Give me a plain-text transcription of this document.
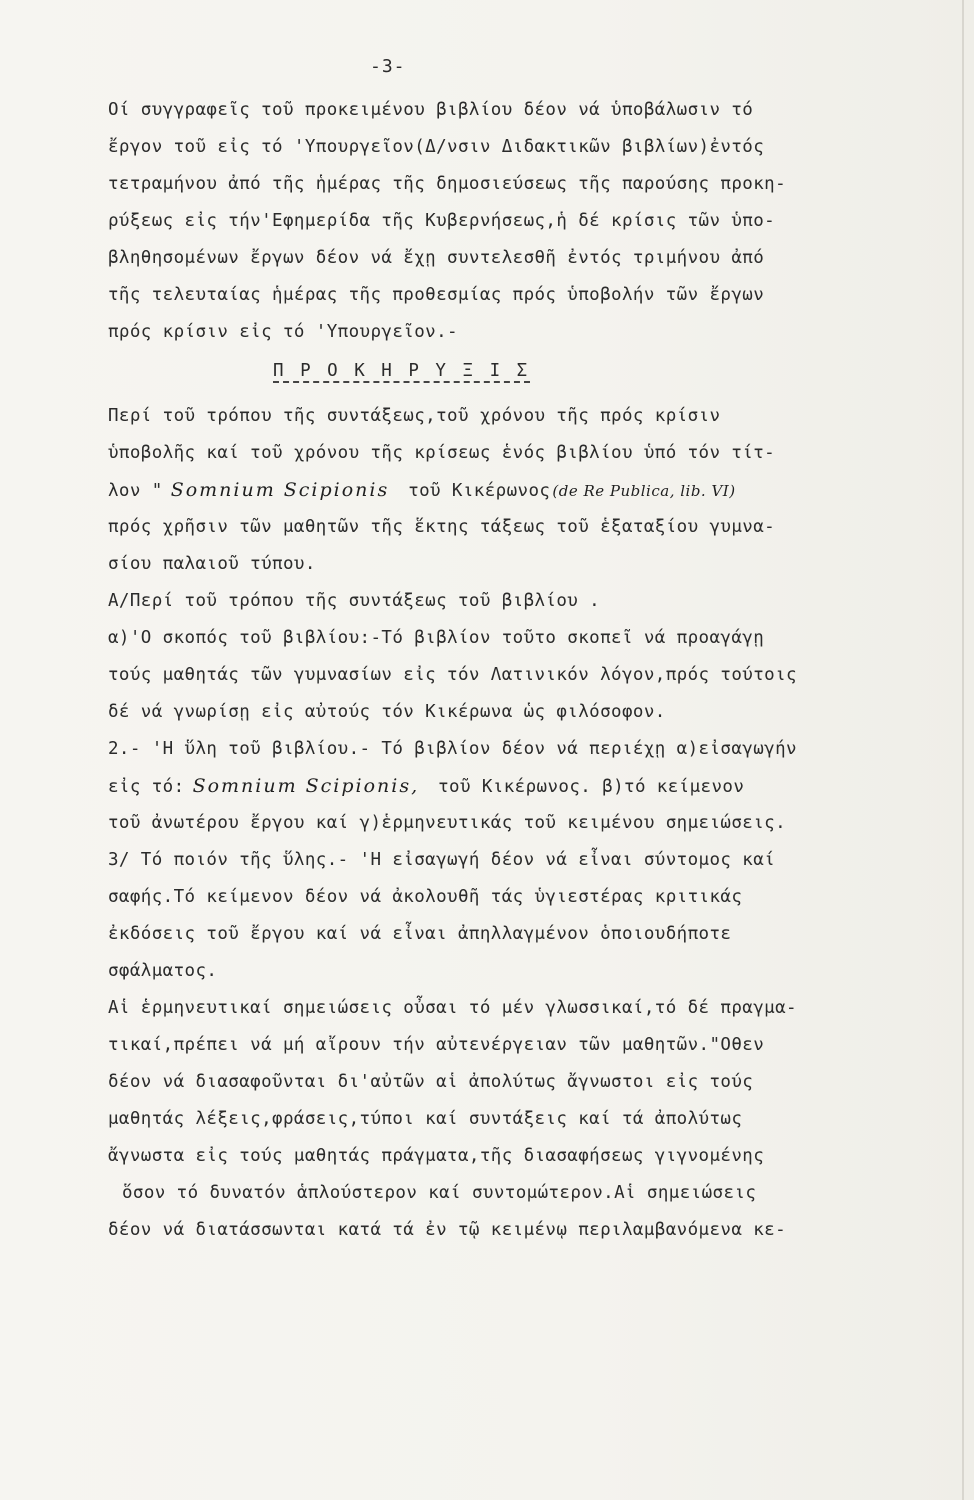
-3-
Οί συγγραφεῖς τοῦ προκειμένου βιβλίου δέον νά ὑποβάλωσιν τό
ἔργον τοῦ εἰς τό 'Υπουργεῖον(Δ/νσιν Διδακτικῶν βιβλίων)ἐντός
τετραμήνου ἀπό τῆς ἡμέρας τῆς δημοσιεύσεως τῆς παρούσης προκη-
ρύξεως εἰς τήν'Εφημερίδα τῆς Κυβερνήσεως,ἡ δέ κρίσις τῶν ὑπο-
βληθησομένων ἔργων δέον νά ἔχῃ συντελεσθῆ ἐντός τριμήνου ἀπό
τῆς τελευταίας ἡμέρας τῆς προθεσμίας πρός ὑποβολήν τῶν ἔργων
πρός κρίσιν εἰς τό 'Υπουργεῖον.-
Π Ρ Ο Κ Η Ρ Υ Ξ Ι Σ
Περί τοῦ τρόπου τῆς συντάξεως,τοῦ χρόνου τῆς πρός κρίσιν
ὑποβολῆς καί τοῦ χρόνου τῆς κρίσεως ἑνός βιβλίου ὑπό τόν τίτ-
λον " Somnium Scipionis τοῦ Κικέρωνος (de Re Publica, lib. VI)
πρός χρῆσιν τῶν μαθητῶν τῆς ἕκτης τάξεως τοῦ ἑξαταξίου γυμνα-
σίου παλαιοῦ τύπου.
Α/Περί τοῦ τρόπου τῆς συντάξεως τοῦ βιβλίου .
α)'Ο σκοπός τοῦ βιβλίου:-Τό βιβλίον τοῦτο σκοπεῖ νά προαγάγῃ
τούς μαθητάς τῶν γυμνασίων εἰς τόν Λατινικόν λόγον,πρός τούτοις
δέ νά γνωρίσῃ εἰς αὐτούς τόν Κικέρωνα ὡς φιλόσοφον.
2.- 'Η ὕλη τοῦ βιβλίου.- Τό βιβλίον δέον νά περιέχῃ α)εἰσαγωγήν
εἰς τό: Somnium Scipionis, τοῦ Κικέρωνος. β)τό κείμενον
τοῦ ἀνωτέρου ἔργου καί γ)ἑρμηνευτικάς τοῦ κειμένου σημειώσεις.
3/ Τό ποιόν τῆς ὕλης.- 'Η εἰσαγωγή δέον νά εἶναι σύντομος καί
σαφής.Τό κείμενον δέον νά ἀκολουθῆ τάς ὑγιεστέρας κριτικάς
ἐκδόσεις τοῦ ἔργου καί νά εἶναι ἀπηλλαγμένον ὁποιουδήποτε
σφάλματος.
Αἱ ἑρμηνευτικαί σημειώσεις οὖσαι τό μέν γλωσσικαί,τό δέ πραγμα-
τικαί,πρέπει νά μή αἴρουν τήν αὐτενέργειαν τῶν μαθητῶν."Οθεν
δέον νά διασαφοῦνται δι'αὐτῶν αἱ ἀπολύτως ἄγνωστοι εἰς τούς
μαθητάς λέξεις,φράσεις,τύποι καί συντάξεις καί τά ἀπολύτως
ἄγνωστα εἰς τούς μαθητάς πράγματα,τῆς διασαφήσεως γιγνομένης
ὅσον τό δυνατόν ἁπλούστερον καί συντομώτερον.Αἱ σημειώσεις
δέον νά διατάσσωνται κατά τά ἐν τῷ κειμένῳ περιλαμβανόμενα κε-
